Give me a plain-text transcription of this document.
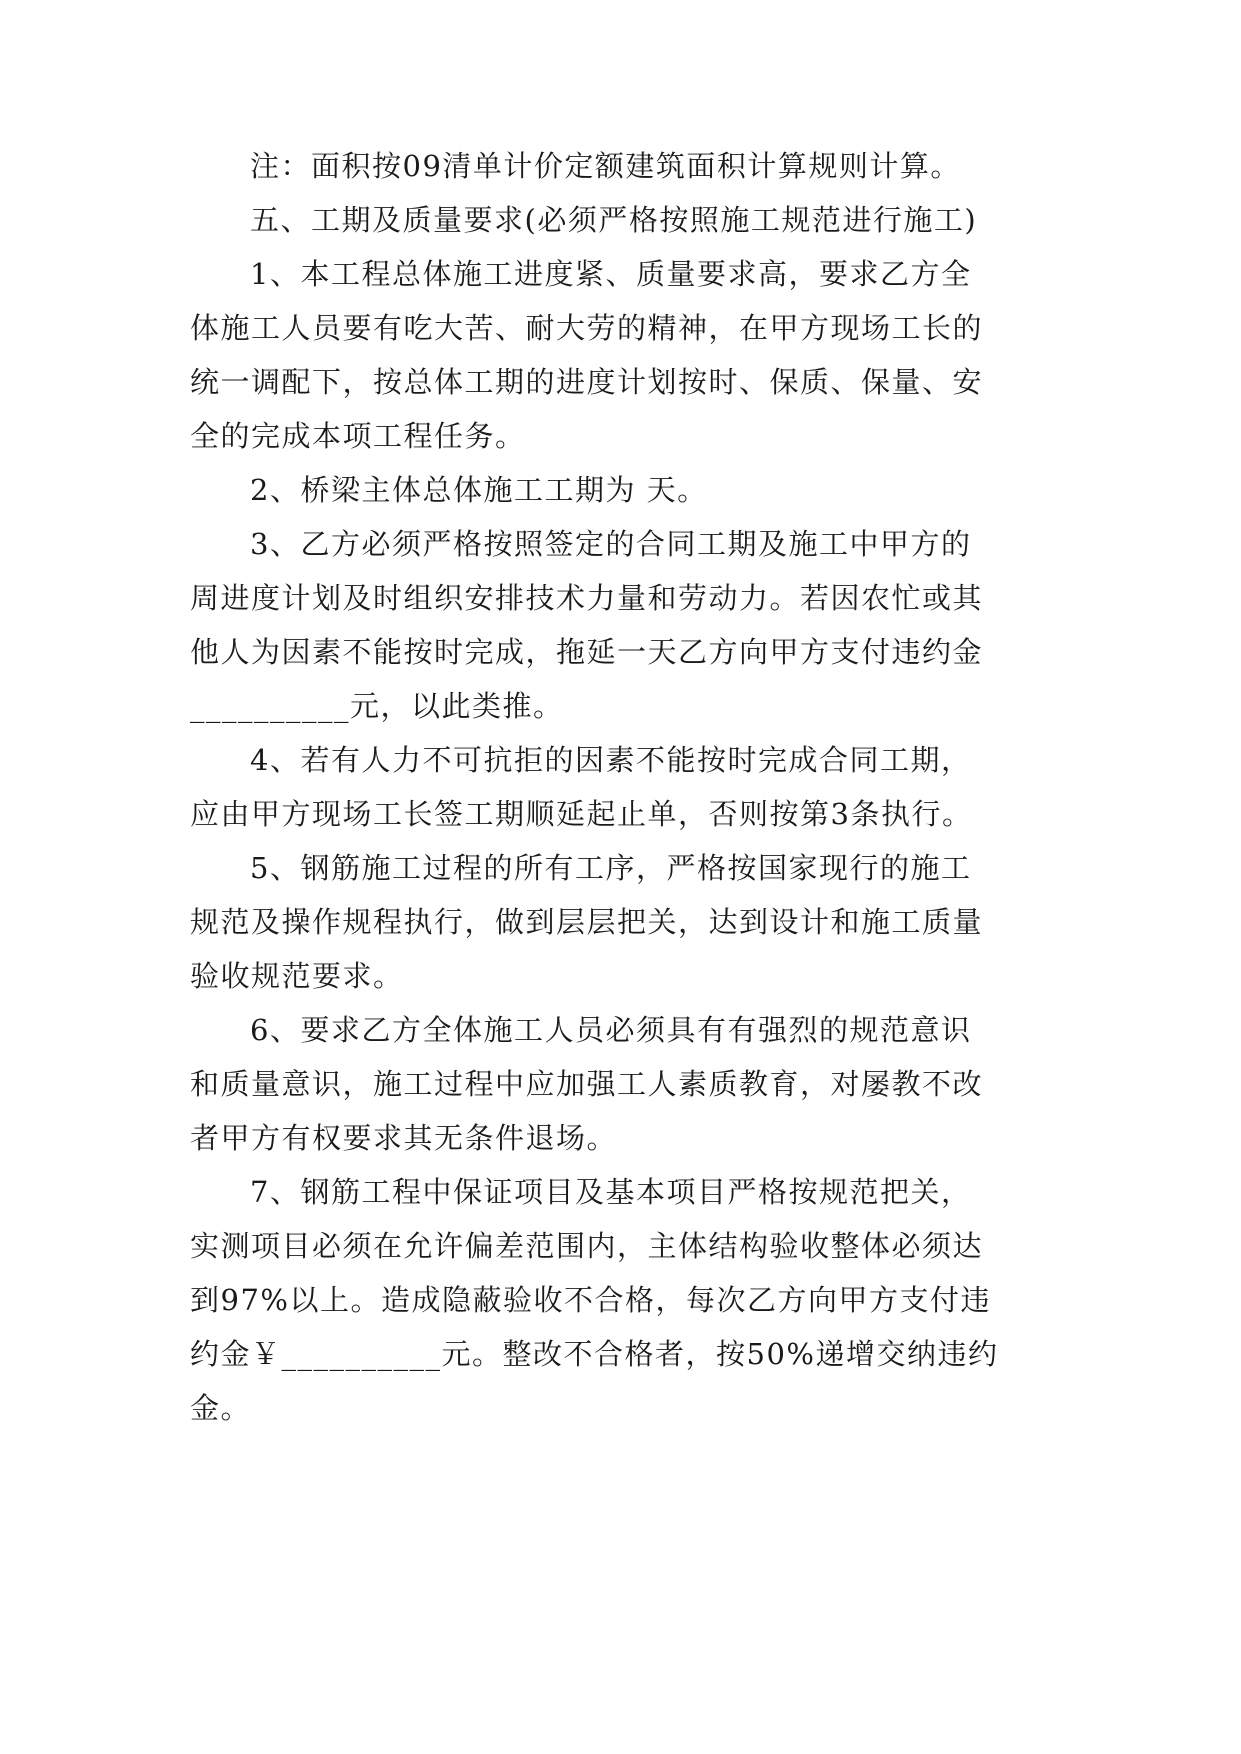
注：面积按09清单计价定额建筑面积计算规则计算。

五、工期及质量要求(必须严格按照施工规范进行施工)

1、本工程总体施工进度紧、质量要求高，要求乙方全

体施工人员要有吃大苦、耐大劳的精神，在甲方现场工长的

统一调配下，按总体工期的进度计划按时、保质、保量、安

全的完成本项工程任务。

2、桥梁主体总体施工工期为 天。

3、乙方必须严格按照签定的合同工期及施工中甲方的

周进度计划及时组织安排技术力量和劳动力。若因农忙或其

他人为因素不能按时完成，拖延一天乙方向甲方支付违约金

__________元，以此类推。

4、若有人力不可抗拒的因素不能按时完成合同工期，

应由甲方现场工长签工期顺延起止单，否则按第3条执行。

5、钢筋施工过程的所有工序，严格按国家现行的施工

规范及操作规程执行，做到层层把关，达到设计和施工质量

验收规范要求。

6、要求乙方全体施工人员必须具有有强烈的规范意识

和质量意识，施工过程中应加强工人素质教育，对屡教不改

者甲方有权要求其无条件退场。

7、钢筋工程中保证项目及基本项目严格按规范把关，

实测项目必须在允许偏差范围内，主体结构验收整体必须达

到97%以上。造成隐蔽验收不合格，每次乙方向甲方支付违

约金￥__________元。整改不合格者，按50%递增交纳违约

金。
